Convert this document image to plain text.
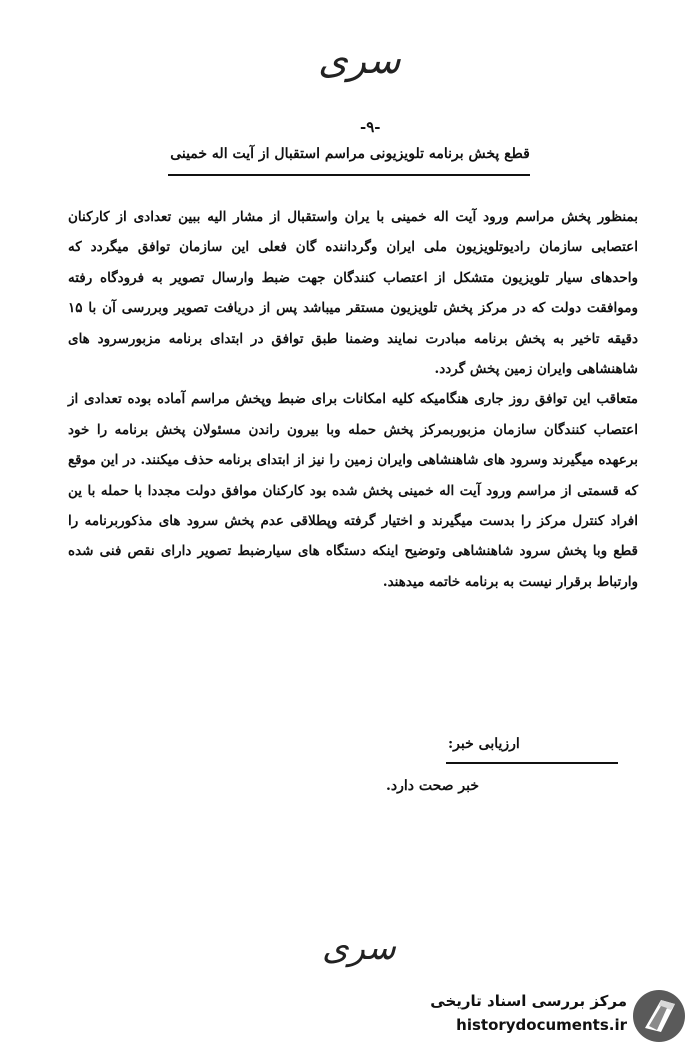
سری
-۹-
قطع پخش برنامه تلویزیونی مراسم استقبال از آیت اله خمینی

بمنظور پخش مراسم ورود آیت اله خمینی با یران واستقبال از مشار الیه ببین تعدادی از کارکنان اعتصابی سازمان رادیوتلویزیون ملی ایران وگرداننده گان فعلی این سازمان توافق میگردد که واحدهای سیار تلویزیون متشکل از اعتصاب کنندگان جهت ضبط وارسال تصویر به فرودگاه رفته وموافقت دولت که در مرکز پخش تلویزیون مستقر میباشد پس از دریافت تصویر وبررسی آن با ۱۵ دقیقه تاخیر به پخش برنامه مبادرت نمایند وضمنا طبق توافق در ابتدای برنامه مزبورسرود های شاهنشاهی وایران زمین پخش گردد.

متعاقب این توافق روز جاری هنگامیکه کلیه امکانات برای ضبط وپخش مراسم آماده بوده تعدادی از اعتصاب کنندگان سازمان مزبوربمرکز پخش حمله وبا بیرون راندن مسئولان پخش برنامه را خود برعهده میگیرند وسرود های شاهنشاهی وایران زمین را نیز از ابتدای برنامه حذف میکنند. در این موقع که قسمتی از مراسم ورود آیت اله خمینی پخش شده بود کارکنان موافق دولت مجددا با حمله با ین افراد کنترل مرکز را بدست میگیرند و اختیار گرفته وپطلاقی عدم پخش سرود های مذکوربرنامه را قطع وبا پخش سرود شاهنشاهی وتوضیح اینکه دستگاه های سیارضبط تصویر دارای نقص فنی شده وارتباط برقرار نیست به برنامه خاتمه میدهند.

ارزیابی خبر:
خبر صحت دارد.
سری
مرکز بررسی اسناد تاریخی
historydocuments.ir
